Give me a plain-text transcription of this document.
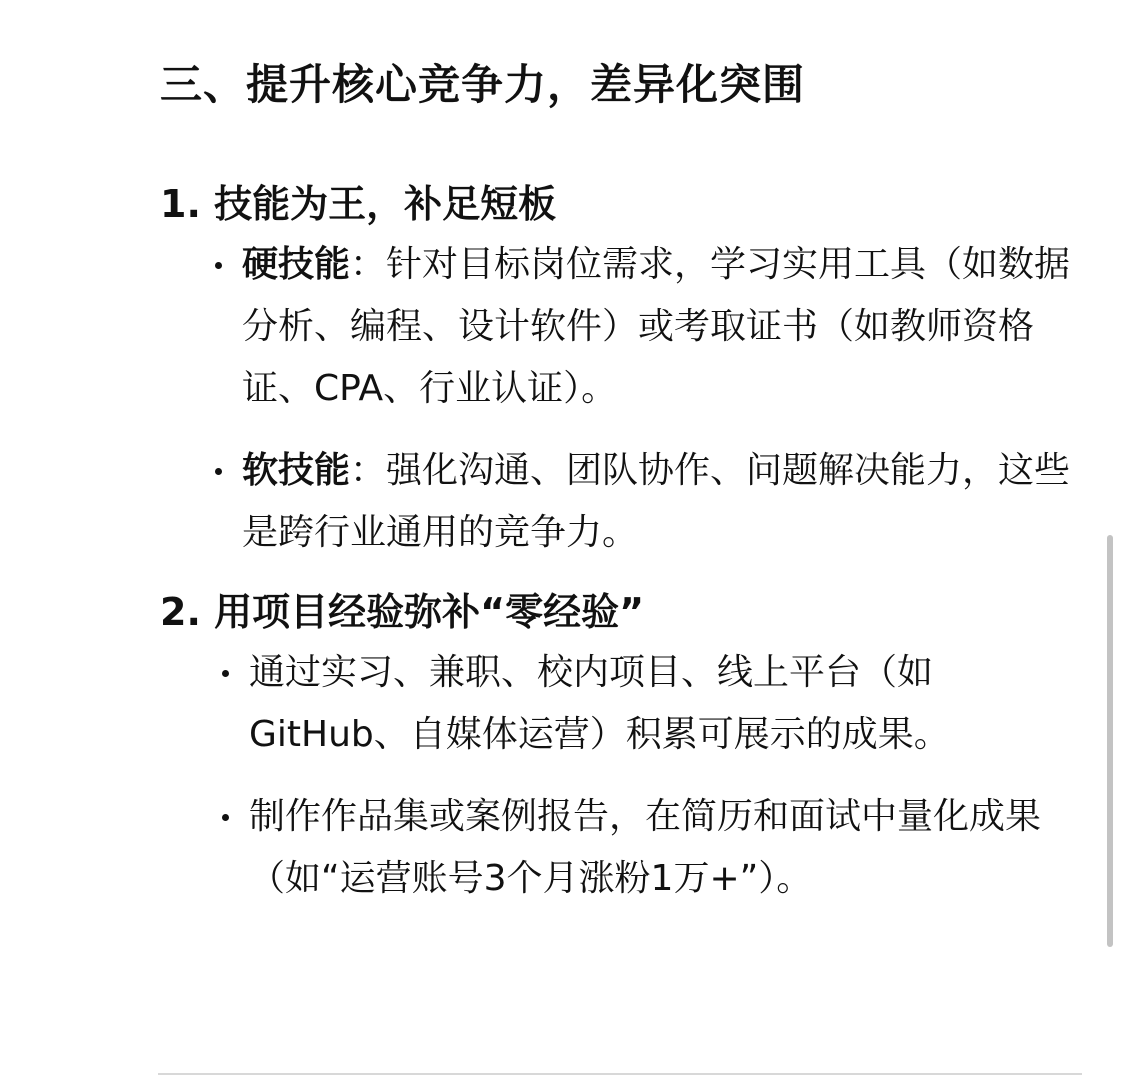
三、提升核心竞争力，差异化突围
1. 技能为王，补足短板
硬技能：针对目标岗位需求，学习实用工具（如数据分析、编程、设计软件）或考取证书（如教师资格证、CPA、行业认证）。
软技能：强化沟通、团队协作、问题解决能力，这些是跨行业通用的竞争力。
2. 用项目经验弥补“零经验”
通过实习、兼职、校内项目、线上平台（如GitHub、自媒体运营）积累可展示的成果。
制作作品集或案例报告，在简历和面试中量化成果（如“运营账号3个月涨粉1万+”）。
